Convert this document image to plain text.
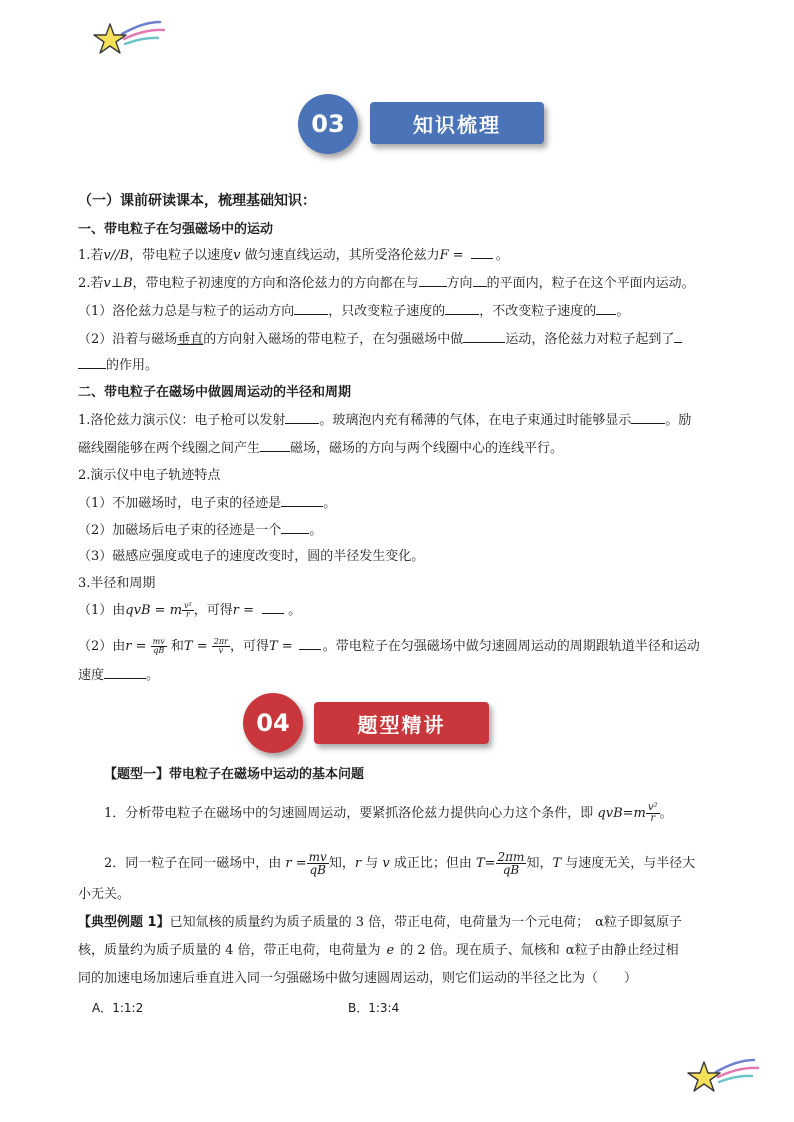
知识梳理
03
（一）课前研读课本，梳理基础知识：
一、带电粒子在匀强磁场中的运动
1.若v//B，带电粒子以速度v 做匀速直线运动，其所受洛伦兹力F = 。
2.若v⊥B，带电粒子初速度的方向和洛伦兹力的方向都在与 方向 的平面内，粒子在这个平面内运动。
（1）洛伦兹力总是与粒子的运动方向	，只改变粒子速度的	，不改变粒子速度的 。
（2）沿着与磁场垂直的方向射入磁场的带电粒子，在匀强磁场中做	运动，洛伦兹力对粒子起到了
的作用。
二、带电粒子在磁场中做圆周运动的半径和周期
1.洛伦兹力演示仪：电子枪可以发射	。玻璃泡内充有稀薄的气体，在电子束通过时能够显示	。励
磁线圈能够在两个线圈之间产生 磁场，磁场的方向与两个线圈中心的连线平行。
2.演示仪中电子轨迹特点
（1）不加磁场时，电子束的径迹是	。
（2）加磁场后电子束的径迹是一个 。
（3）磁感应强度或电子的速度改变时，圆的半径发生变化。
3.半径和周期
（1）由qvB = m $\frac{\text{v²}}{r}$ ，可得r = 。
（2）由$r = \frac{mv}{qB}$ 和$T = \frac{2\pi r}{v}$ ，可得T = 。带电粒子在匀强磁场中做匀速圆周运动的周期跟轨道半径和运动
速度	。
题型精讲
04
【题型一】带电粒子在磁场中运动的基本问题
1．分析带电粒子在磁场中的匀速圆周运动，要紧抓洛伦兹力提供向心力这个条件，即 $qvB=m \frac{\text{v²}}{r}$ 。
2．同一粒子在同一磁场中，由 $r = \frac{mv}{qB}$ 知，r 与 v 成正比；但由 $T= \frac{2\pi m}{qB}$ 知，T 与速度无关，与半径大
小无关。
【典型例题 1】已知氚核的质量约为质子质量的 3 倍，带正电荷，电荷量为一个元电荷； α粒子即氦原子
核，质量约为质子质量的 4 倍，带正电荷，电荷量为 e 的 2 倍。现在质子、氚核和 α粒子由静止经过相
同的加速电场加速后垂直进入同一匀强磁场中做匀速圆周运动，则它们运动的半径之比为（　　）
A．1:1:2	B．1:3:4
